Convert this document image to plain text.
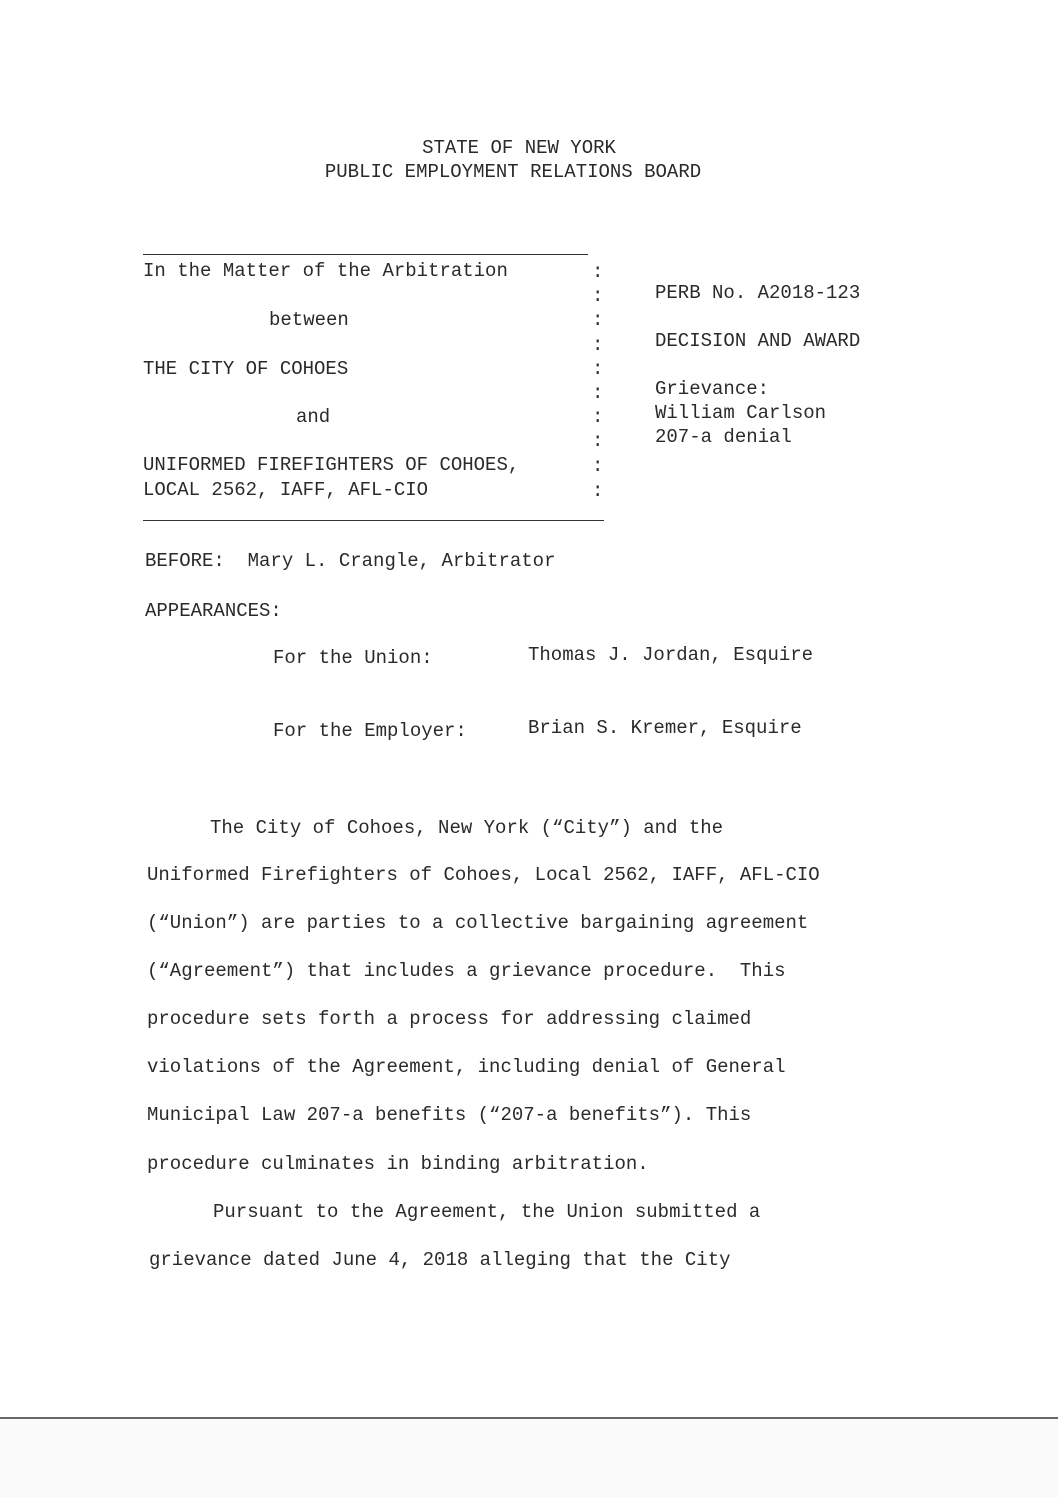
STATE OF NEW YORK
PUBLIC EMPLOYMENT RELATIONS BOARD
In the Matter of the Arbitration
between
THE CITY OF COHOES
and
UNIFORMED FIREFIGHTERS OF COHOES,
LOCAL 2562, IAFF, AFL-CIO
:
:
:
:
:
:
:
:
:
:
PERB No. A2018-123
DECISION AND AWARD
Grievance:
William Carlson
207-a denial
BEFORE:  Mary L. Crangle, Arbitrator
APPEARANCES:
For the Union:	Thomas J. Jordan, Esquire
For the Employer:	Brian S. Kremer, Esquire
The City of Cohoes, New York (“City”) and the
Uniformed Firefighters of Cohoes, Local 2562, IAFF, AFL-CIO
(“Union”) are parties to a collective bargaining agreement
(“Agreement”) that includes a grievance procedure.  This
procedure sets forth a process for addressing claimed
violations of the Agreement, including denial of General
Municipal Law 207-a benefits (“207-a benefits”). This
procedure culminates in binding arbitration.
Pursuant to the Agreement, the Union submitted a
grievance dated June 4, 2018 alleging that the City
